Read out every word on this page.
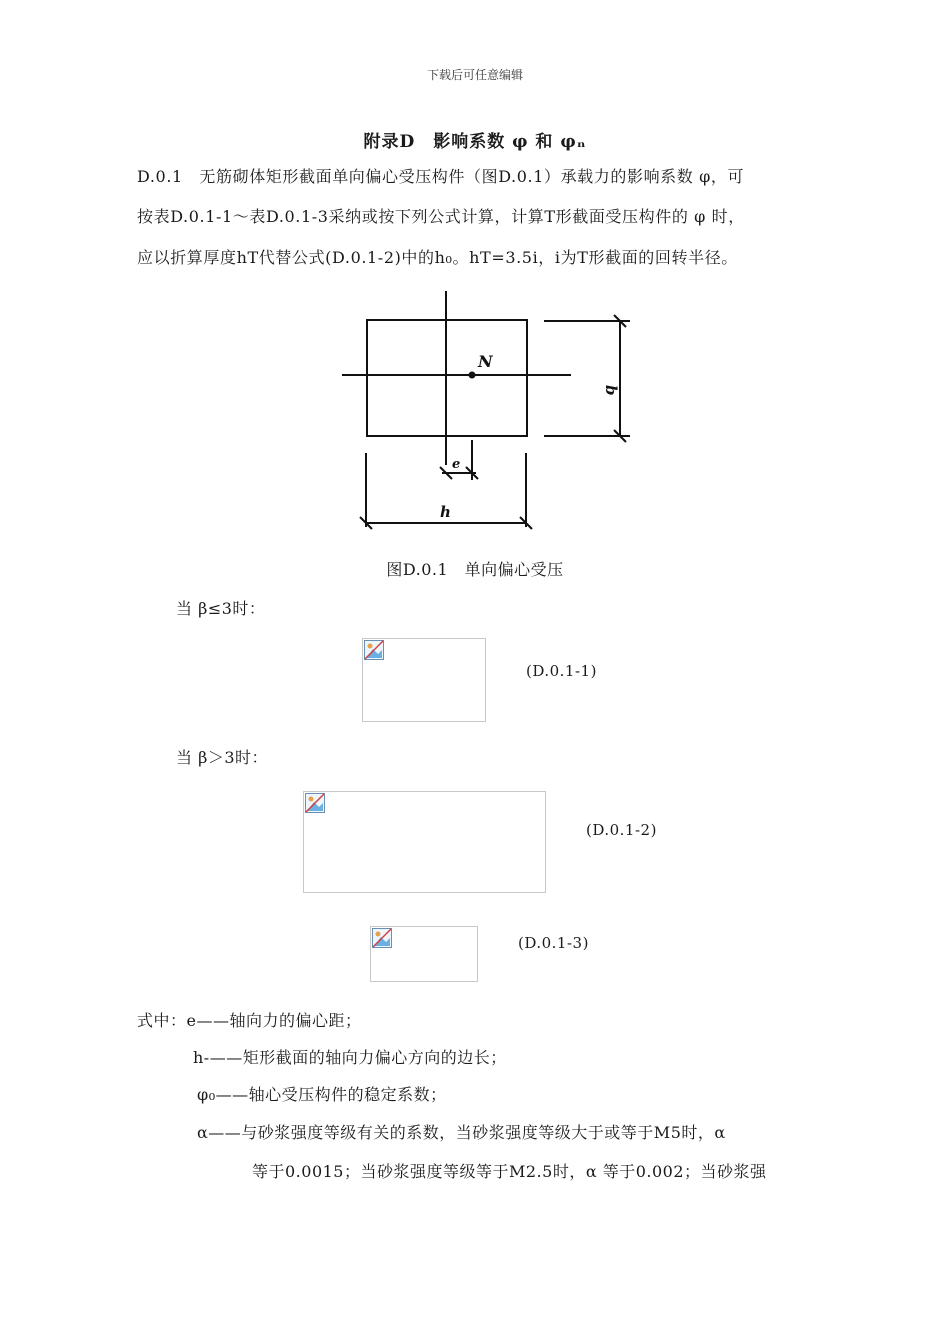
下载后可任意编辑
附录D　影响系数 φ 和 φₙ
D.0.1　无筋砌体矩形截面单向偏心受压构件（图D.0.1）承载力的影响系数 φ，可
按表D.0.1-1～表D.0.1-3采纳或按下列公式计算，计算T形截面受压构件的 φ 时，
应以折算厚度hT代替公式(D.0.1-2)中的h₀。hT=3.5i，i为T形截面的回转半径。
N
b
e
h
图D.0.1　单向偏心受压
当 β≤3时：
(D.0.1-1)
当 β＞3时：
(D.0.1-2)
(D.0.1-3)
式中：e——轴向力的偏心距；
h-——矩形截面的轴向力偏心方向的边长；
φ₀——轴心受压构件的稳定系数；
α——与砂浆强度等级有关的系数，当砂浆强度等级大于或等于M5时，α
等于0.0015；当砂浆强度等级等于M2.5时，α 等于0.002；当砂浆强
